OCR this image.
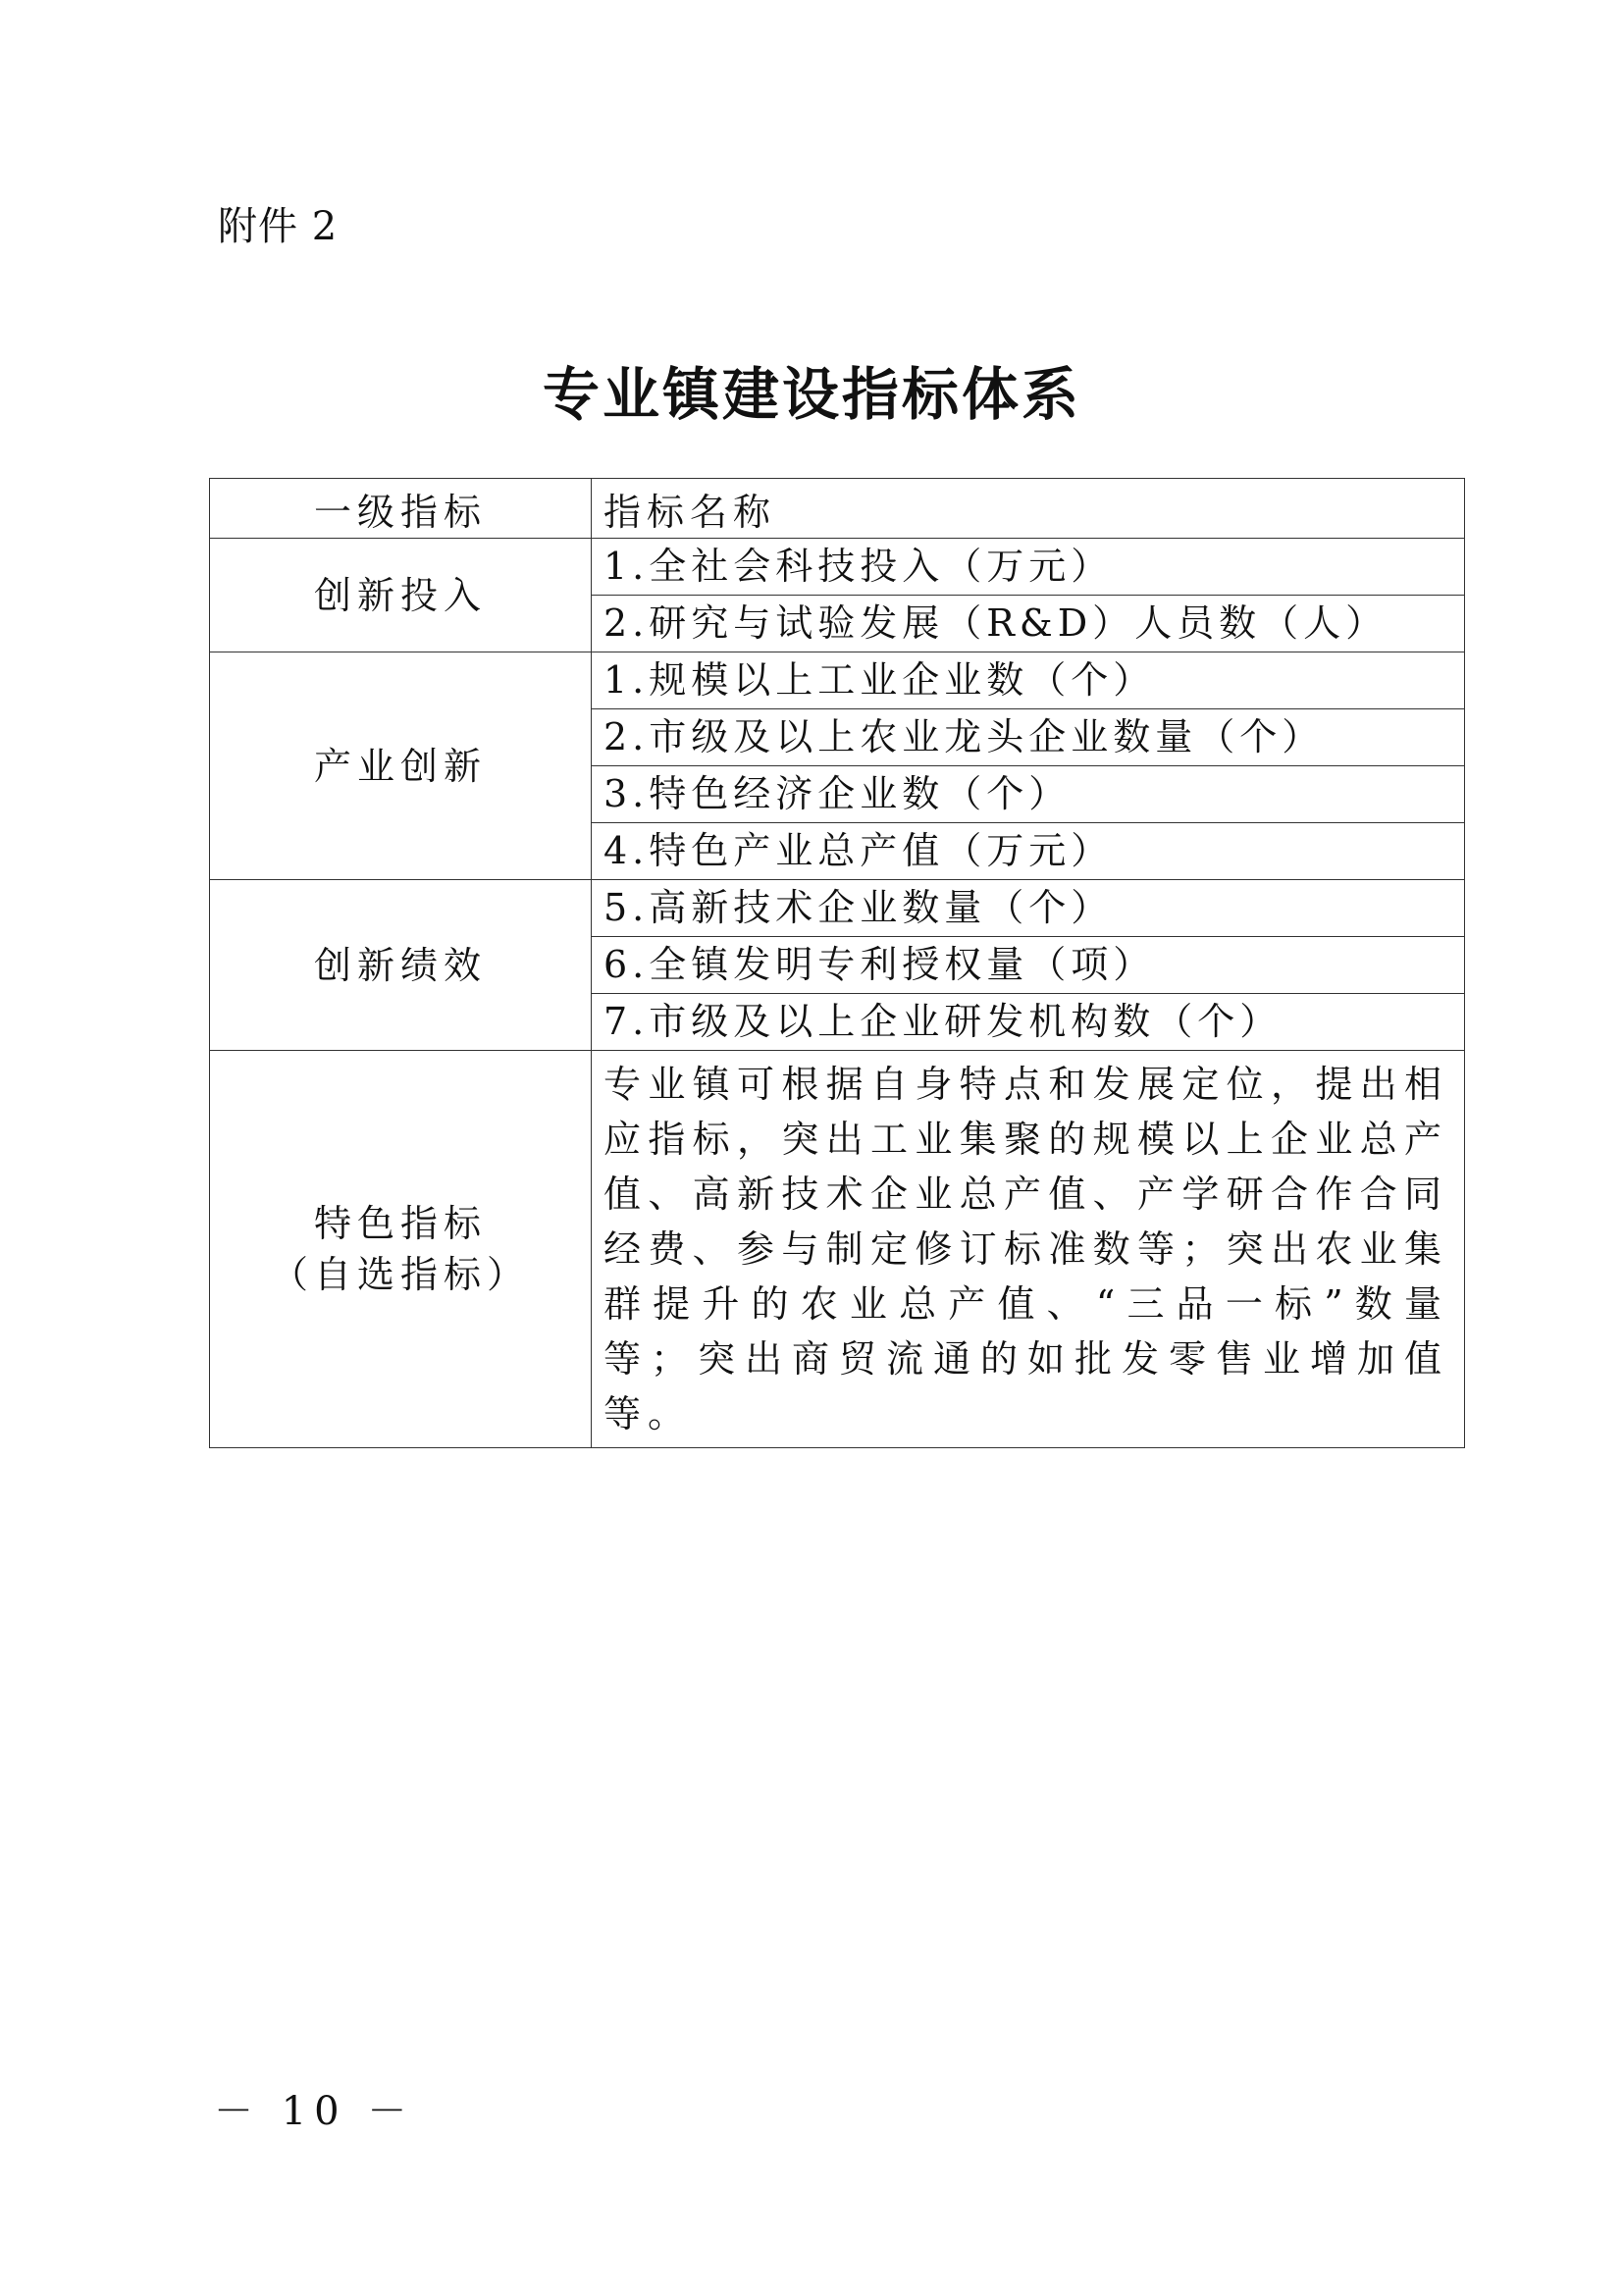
附件 2
专业镇建设指标体系
一级指标	指标名称
创新投入	1.全社会科技投入（万元）
	2.研究与试验发展（R&D）人员数（人）
产业创新	1.规模以上工业企业数（个）
	2.市级及以上农业龙头企业数量（个）
	3.特色经济企业数（个）
	4.特色产业总产值（万元）
创新绩效	5.高新技术企业数量（个）
	6.全镇发明专利授权量（项）
	7.市级及以上企业研发机构数（个）

特色指标
（自选指标）	专业镇可根据自身特点和发展定位，提出相应指标，突出工业集聚的规模以上企业总产值、高新技术企业总产值、产学研合作合同经费、参与制定修订标准数等；突出农业集群提升的农业总产值、“三品一标”数量等；突出商贸流通的如批发零售业增加值等。
－ 10 －
